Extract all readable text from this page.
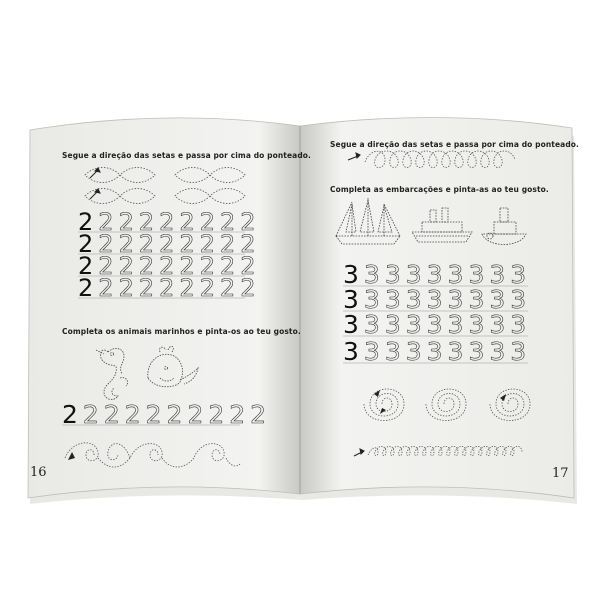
Segue a direção das setas e passa por cima do ponteado.
Completa os animais marinhos e pinta-os ao teu gosto.
Segue a direção das setas e passa por cima do ponteado.
Completa as embarcações e pinta-as ao teu gosto.
2 2 2 2 2 2 2 2 2
2 2 2 2 2 2 2 2 2
2 2 2 2 2 2 2 2 2
2 2 2 2 2 2 2 2 2
2 2 2 2 2 2 2 2 2 2
3 3 3 3 3 3 3 3 3
3 3 3 3 3 3 3 3 3
3 3 3 3 3 3 3 3 3
3 3 3 3 3 3 3 3 3
16	17
